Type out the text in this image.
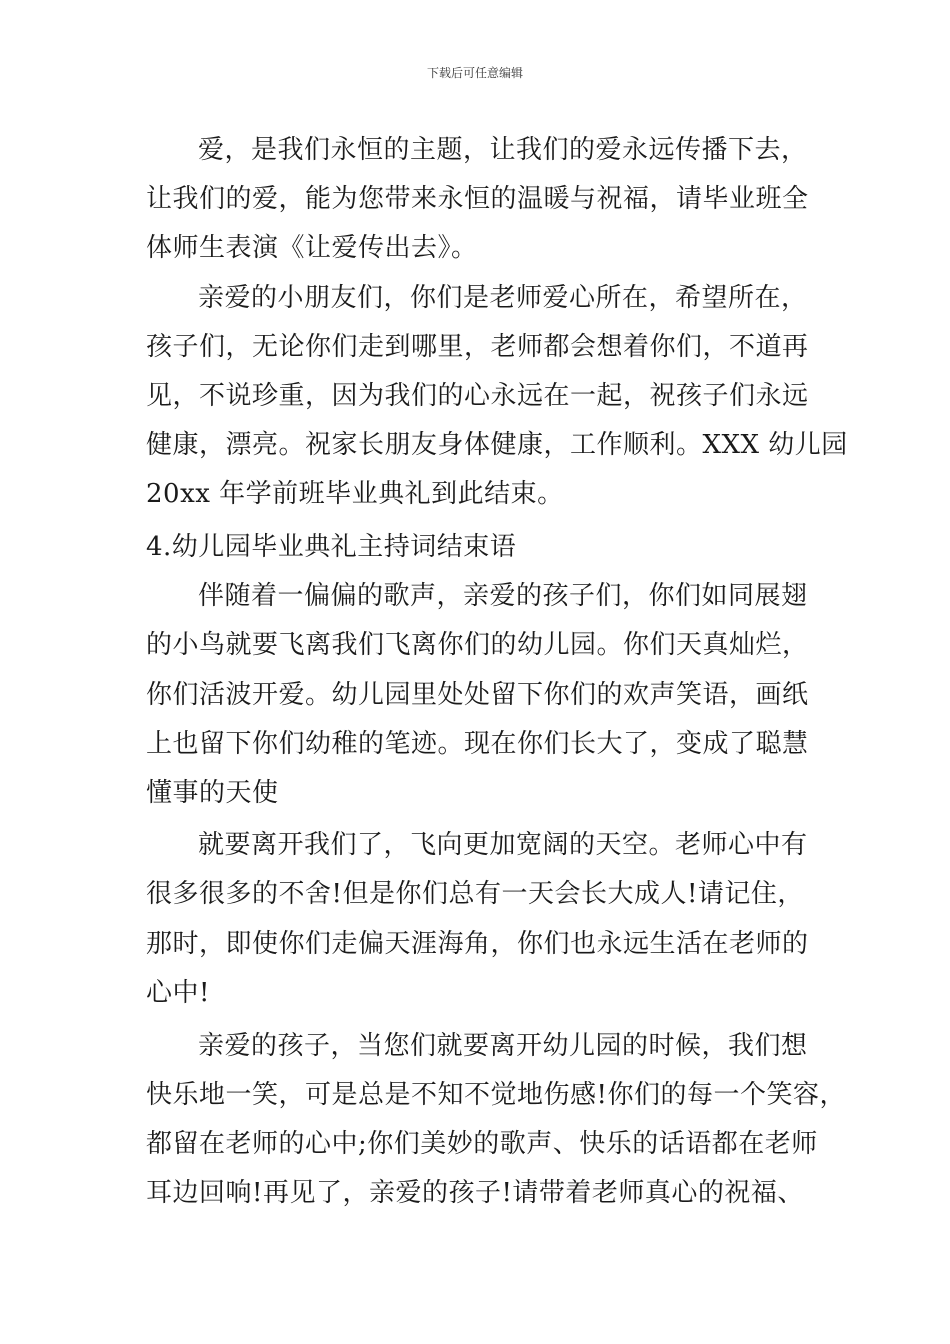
下载后可任意编辑
爱，是我们永恒的主题，让我们的爱永远传播下去，
让我们的爱，能为您带来永恒的温暖与祝福，请毕业班全
体师生表演《让爱传出去》。
亲爱的小朋友们，你们是老师爱心所在，希望所在，
孩子们，无论你们走到哪里，老师都会想着你们，不道再
见，不说珍重，因为我们的心永远在一起，祝孩子们永远
健康，漂亮。祝家长朋友身体健康，工作顺利。XXX 幼儿园
20xx 年学前班毕业典礼到此结束。
4.幼儿园毕业典礼主持词结束语
伴随着一偏偏的歌声，亲爱的孩子们，你们如同展翅
的小鸟就要飞离我们飞离你们的幼儿园。你们天真灿烂，
你们活波开爱。幼儿园里处处留下你们的欢声笑语，画纸
上也留下你们幼稚的笔迹。现在你们长大了，变成了聪慧
懂事的天使
就要离开我们了，飞向更加宽阔的天空。老师心中有
很多很多的不舍!但是你们总有一天会长大成人!请记住，
那时，即使你们走偏天涯海角，你们也永远生活在老师的
心中!
亲爱的孩子，当您们就要离开幼儿园的时候，我们想
快乐地一笑，可是总是不知不觉地伤感!你们的每一个笑容，
都留在老师的心中;你们美妙的歌声、快乐的话语都在老师
耳边回响!再见了，亲爱的孩子!请带着老师真心的祝福、
